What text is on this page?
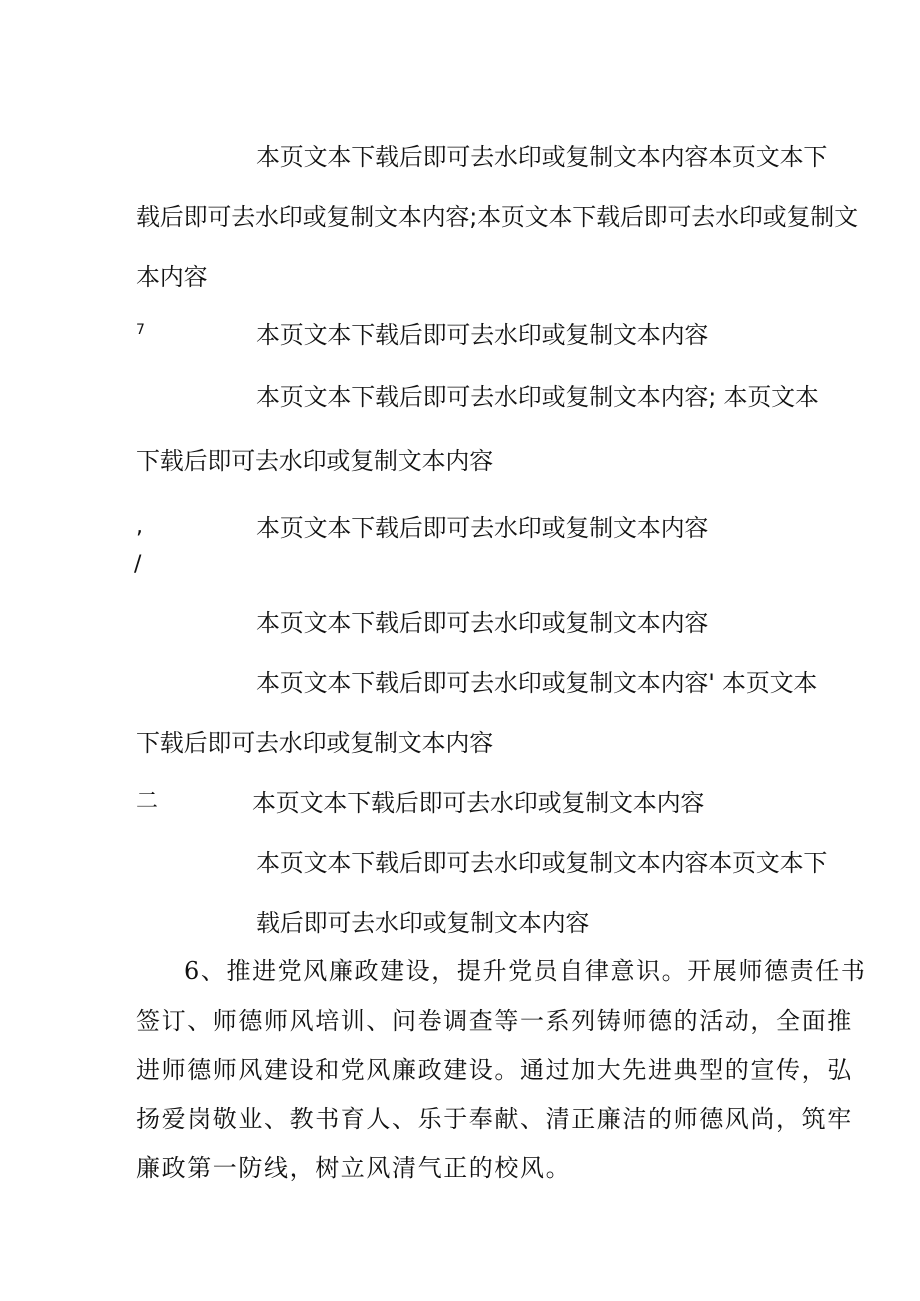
本页文本下载后即可去水印或复制文本内容本页文本下
载后即可去水印或复制文本内容;本页文本下载后即可去水印或复制文
本内容
7	本页文本下载后即可去水印或复制文本内容
本页文本下载后即可去水印或复制文本内容; 本页文本
下载后即可去水印或复制文本内容
,	本页文本下载后即可去水印或复制文本内容
/
本页文本下载后即可去水印或复制文本内容
本页文本下载后即可去水印或复制文本内容' 本页文本
下载后即可去水印或复制文本内容
二	本页文本下载后即可去水印或复制文本内容
本页文本下载后即可去水印或复制文本内容本页文本下
载后即可去水印或复制文本内容
6、推进党风廉政建设，提升党员自律意识。开展师德责任书
签订、师德师风培训、问卷调查等一系列铸师德的活动，全面推
进师德师风建设和党风廉政建设。通过加大先进典型的宣传，弘
扬爱岗敬业、教书育人、乐于奉献、清正廉洁的师德风尚，筑牢
廉政第一防线，树立风清气正的校风。
